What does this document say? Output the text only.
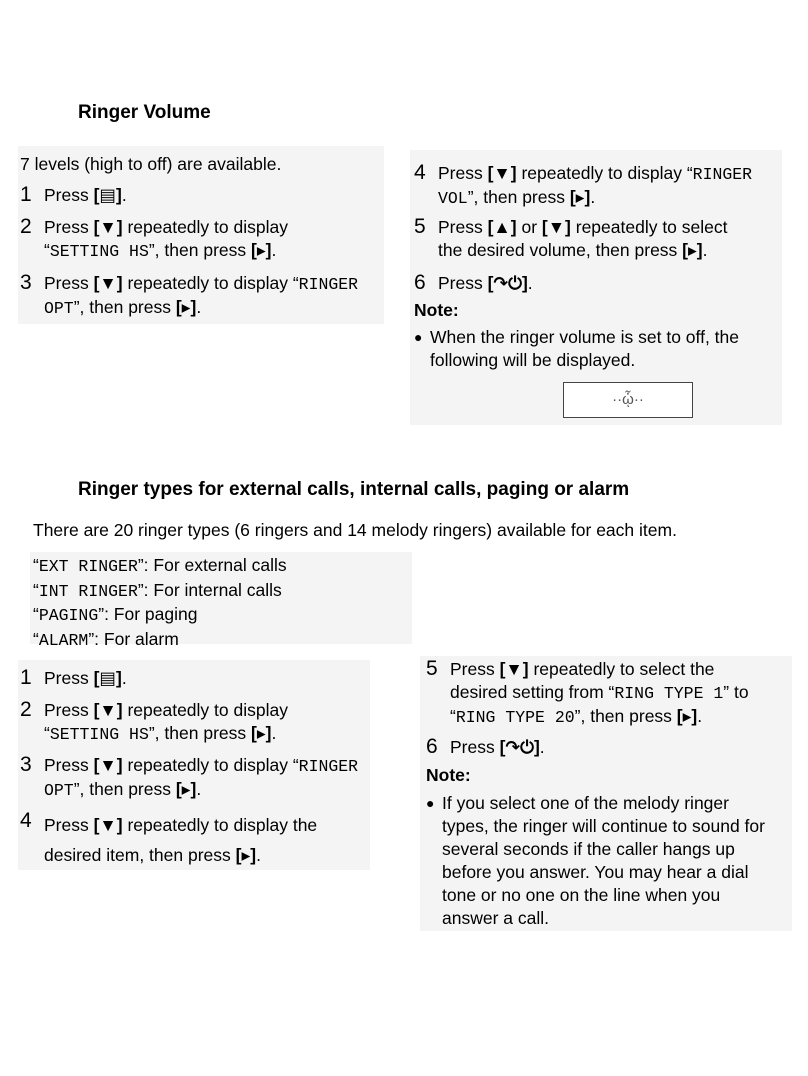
Ringer Volume
7 levels (high to off) are available.
1 Press [▤].
2 Press [▼] repeatedly to display
“SETTING HS”, then press [▸].
3 Press [▼] repeatedly to display “RINGER
OPT”, then press [▸].
4 Press [▼] repeatedly to display “RINGER
VOL”, then press [▸].
5 Press [▲] or [▼] repeatedly to select
the desired volume, then press [▸].
6 Press [↷⏻].
Note:
● When the ringer volume is set to off, the
following will be displayed.
··ᾦ··
Ringer types for external calls, internal calls, paging or alarm
There are 20 ringer types (6 ringers and 14 melody ringers) available for each item.
“EXT RINGER”: For external calls
“INT RINGER”: For internal calls
“PAGING”: For paging
“ALARM”: For alarm
1 Press [▤].
2 Press [▼] repeatedly to display
“SETTING HS”, then press [▸].
3 Press [▼] repeatedly to display “RINGER
OPT”, then press [▸].
4 Press [▼] repeatedly to display the
desired item, then press [▸].
5 Press [▼] repeatedly to select the
desired setting from “RING TYPE 1” to
“RING TYPE 20”, then press [▸].
6 Press [↷⏻].
Note:
● If you select one of the melody ringer
types, the ringer will continue to sound for
several seconds if the caller hangs up
before you answer. You may hear a dial
tone or no one on the line when you
answer a call.
